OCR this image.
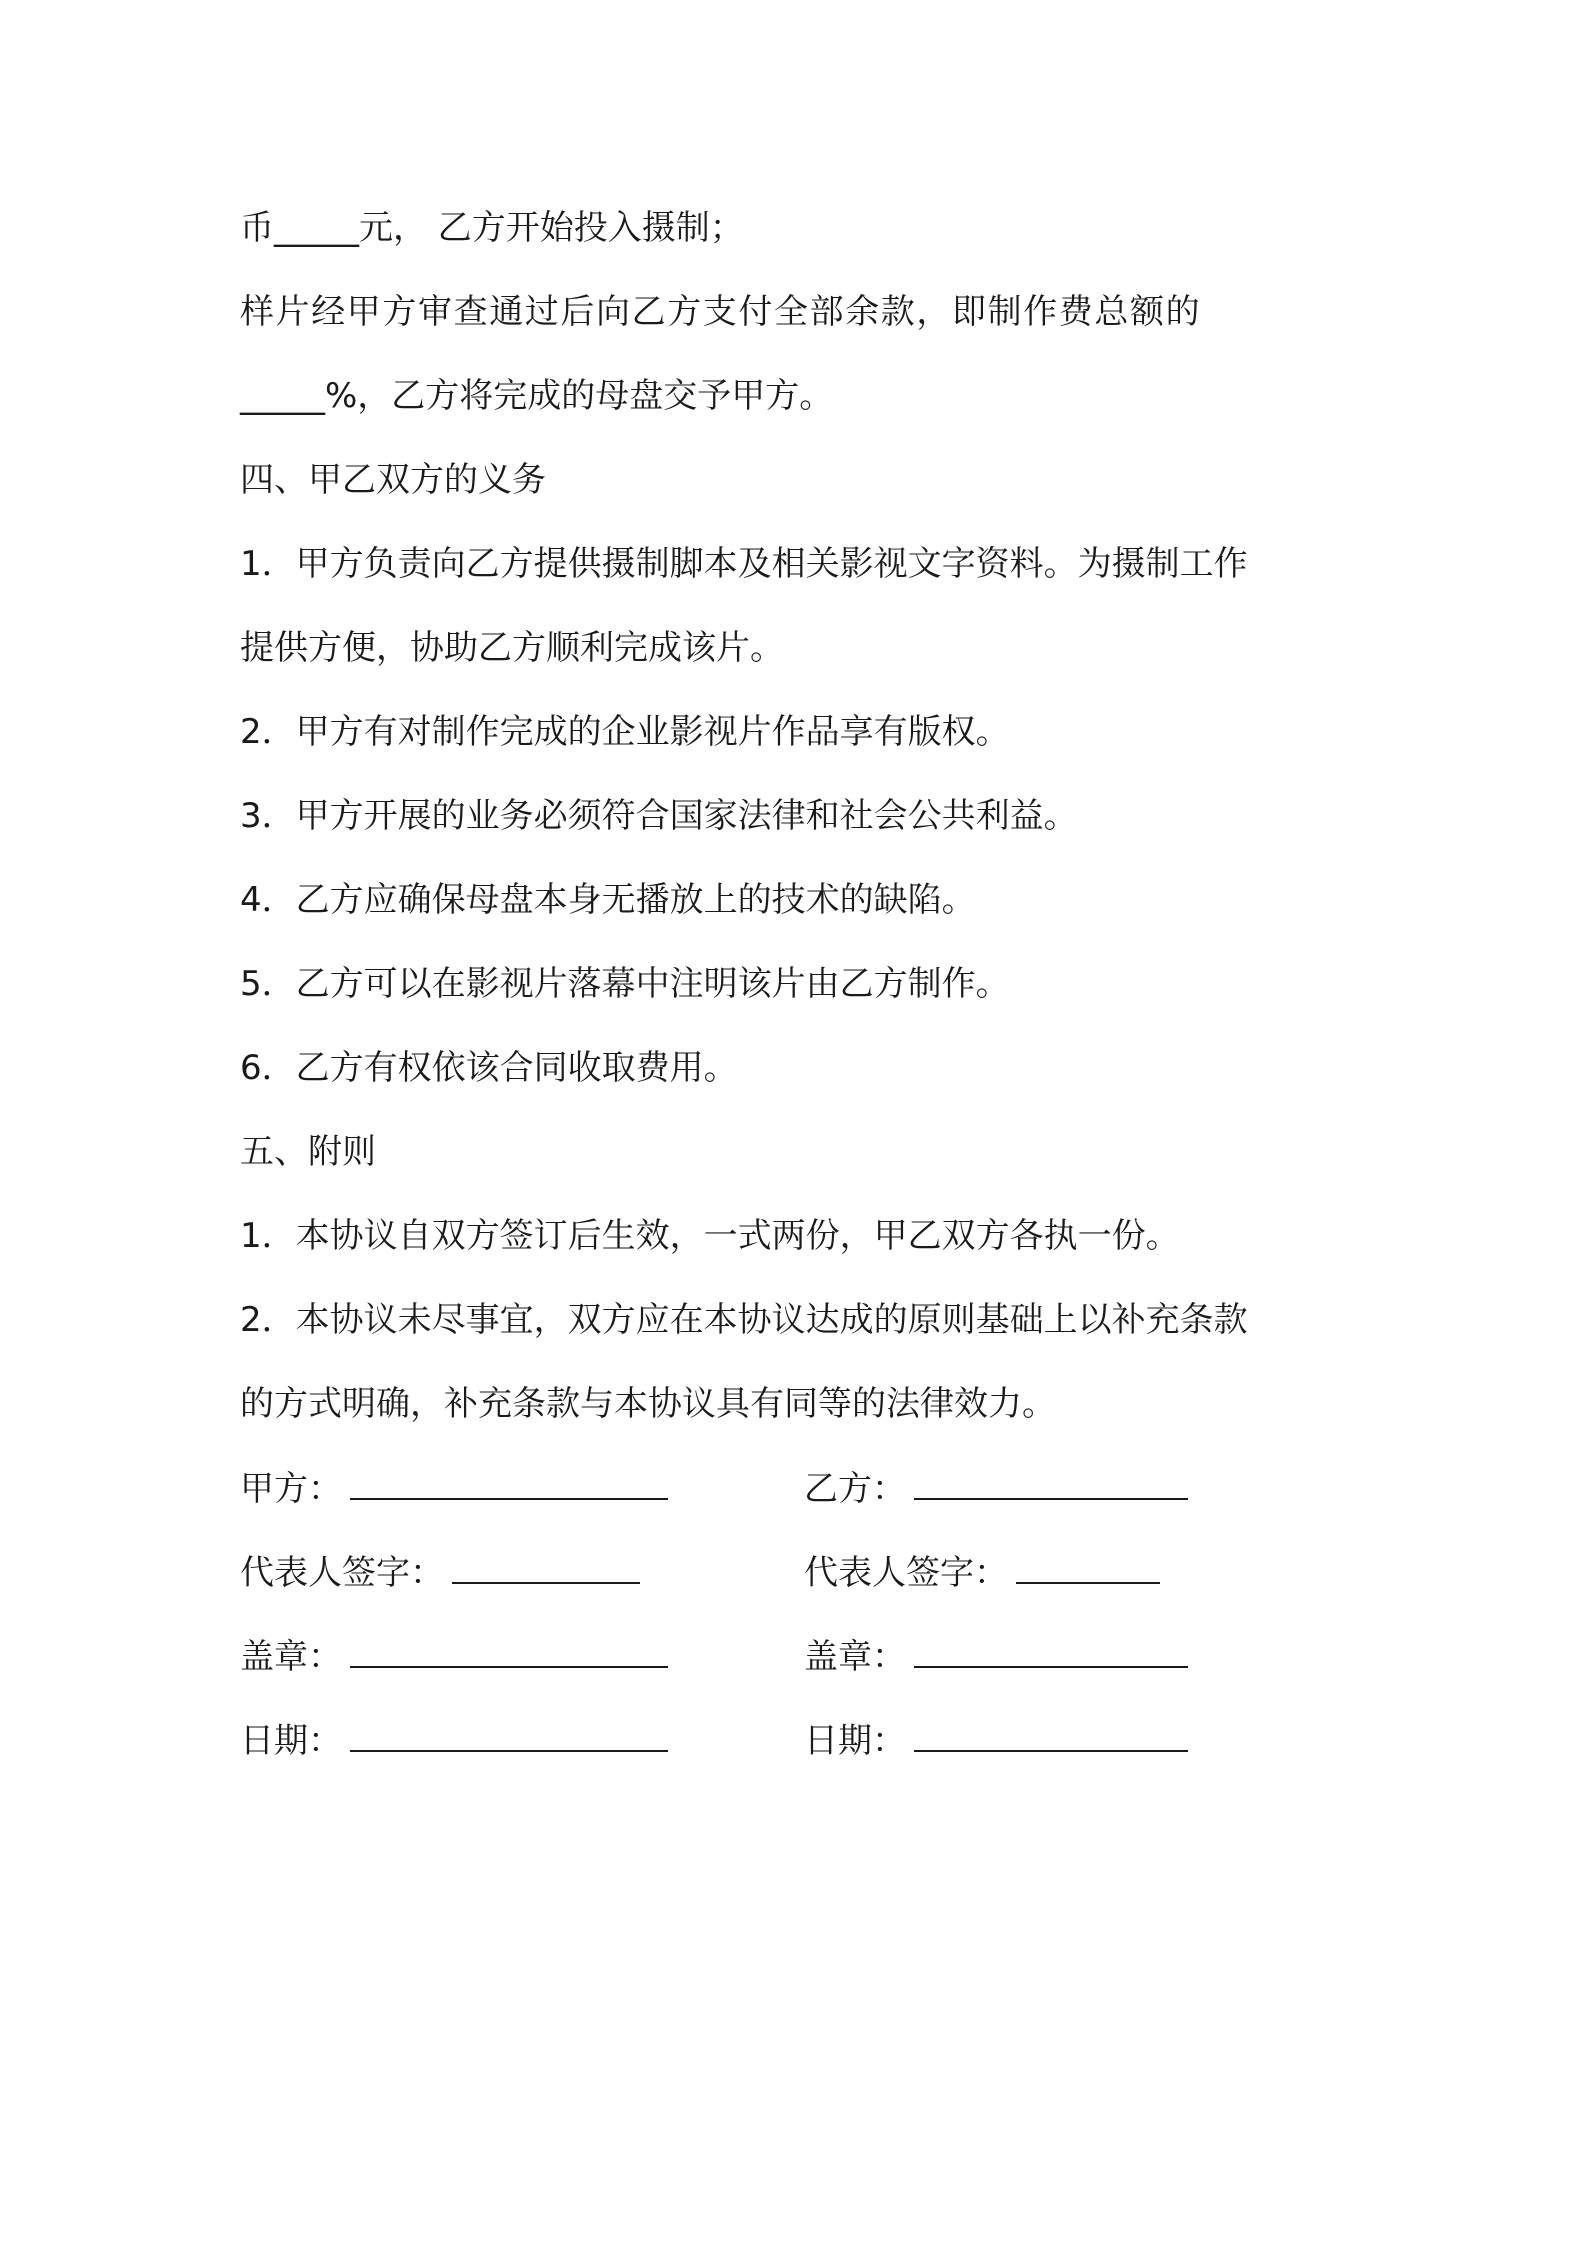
币_____元， 乙方开始投入摄制；
样片经甲方审查通过后向乙方支付全部余款，即制作费总额的
_____%，乙方将完成的母盘交予甲方。
四、甲乙双方的义务
1．甲方负责向乙方提供摄制脚本及相关影视文字资料。为摄制工作
提供方便，协助乙方顺利完成该片。
2．甲方有对制作完成的企业影视片作品享有版权。
3．甲方开展的业务必须符合国家法律和社会公共利益。
4．乙方应确保母盘本身无播放上的技术的缺陷。
5．乙方可以在影视片落幕中注明该片由乙方制作。
6．乙方有权依该合同收取费用。
五、附则
1．本协议自双方签订后生效，一式两份，甲乙双方各执一份。
2．本协议未尽事宜，双方应在本协议达成的原则基础上以补充条款
的方式明确，补充条款与本协议具有同等的法律效力。
甲方：
代表人签字：
盖章：
日期：
乙方：
代表人签字：
盖章：
日期：
